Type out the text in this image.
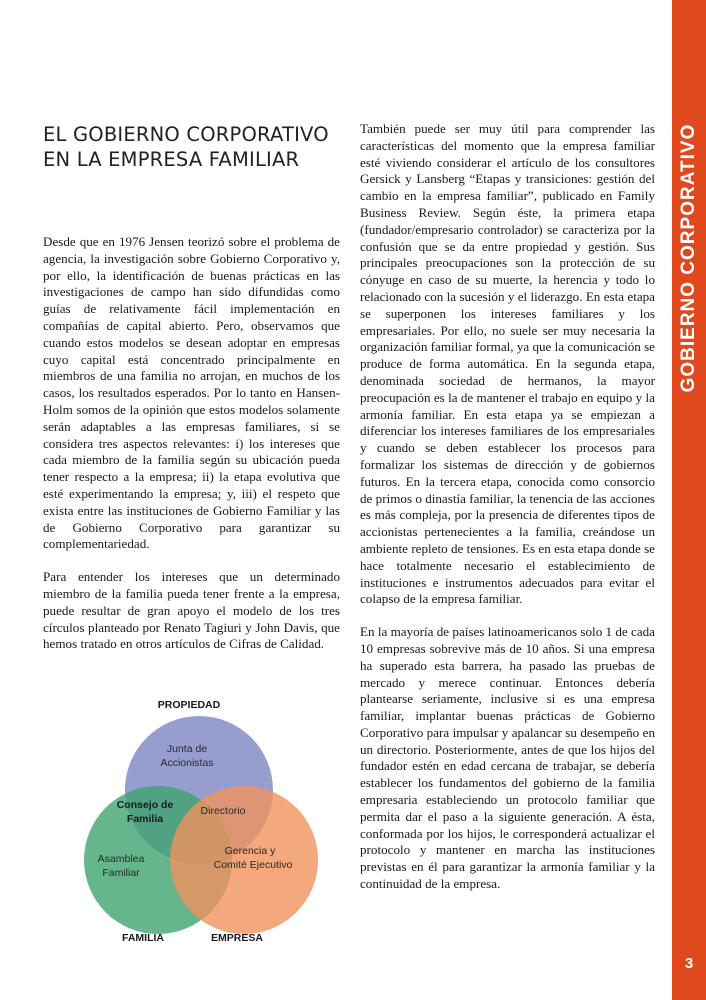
GOBIERNO CORPORATIVO
3
EL GOBIERNO CORPORATIVO
EN LA EMPRESA FAMILIAR

Desde que en 1976 Jensen teorizó sobre el problema de agencia, la investigación sobre Gobierno Corporativo y, por ello, la identificación de buenas prácticas en las investigaciones de campo han sido difundidas como guías de relativamente fácil implementación en compañías de capital abierto. Pero, observamos que cuando estos modelos se desean adoptar en empresas cuyo capital está concentrado principalmente en miembros de una familia no arrojan, en muchos de los casos, los resultados esperados. Por lo tanto en Hansen-Holm somos de la opinión que estos modelos solamente serán adaptables a las empresas familiares, si se considera tres aspectos relevantes: i) los intereses que cada miembro de la familia según su ubicación pueda tener respecto a la empresa; ii) la etapa evolutiva que esté experimentando la empresa; y, iii) el respeto que exista entre las instituciones de Gobierno Familiar y las de Gobierno Corporativo para garantizar su complementariedad.

Para entender los intereses que un determinado miembro de la familia pueda tener frente a la empresa, puede resultar de gran apoyo el modelo de los tres círculos planteado por Renato Tagiuri y John Davis, que hemos tratado en otros artículos de Cifras de Calidad.

También puede ser muy útil para comprender las características del momento que la empresa familiar esté viviendo considerar el artículo de los consultores Gersick y Lansberg “Etapas y transiciones: gestión del cambio en la empresa familiar”, publicado en Family Business Review. Según éste, la primera etapa (fundador/empresario controlador) se caracteriza por la confusión que se da entre propiedad y gestión. Sus principales preocupaciones son la protección de su cónyuge en caso de su muerte, la herencia y todo lo relacionado con la sucesión y el liderazgo. En esta etapa se superponen los intereses familiares y los empresariales. Por ello, no suele ser muy necesaria la organización familiar formal, ya que la comunicación se produce de forma automática. En la segunda etapa, denominada sociedad de hermanos, la mayor preocupación es la de mantener el trabajo en equipo y la armonía familiar. En esta etapa ya se empiezan a diferenciar los intereses familiares de los empresariales y cuando se deben establecer los procesos para formalizar los sistemas de dirección y de gobiernos futuros. En la tercera etapa, conocida como consorcio de primos o dinastía familiar, la tenencia de las acciones es más compleja, por la presencia de diferentes tipos de accionistas pertenecientes a la familia, creándose un ambiente repleto de tensiones. Es en esta etapa donde se hace totalmente necesario el establecimiento de instituciones e instrumentos adecuados para evitar el colapso de la empresa familiar.

En la mayoría de países latinoamericanos solo 1 de cada 10 empresas sobrevive más de 10 años. Si una empresa ha superado esta barrera, ha pasado las pruebas de mercado y merece continuar. Entonces debería plantearse seriamente, inclusive si es una empresa familiar, implantar buenas prácticas de Gobierno Corporativo para impulsar y apalancar su desempeño en un directorio. Posteriormente, antes de que los hijos del fundador estén en edad cercana de trabajar, se debería establecer los fundamentos del gobierno de la familia empresaria estableciendo un protocolo familiar que permita dar el paso a la siguiente generación. A ésta, conformada por los hijos, le corresponderá actualizar el protocolo y mantener en marcha las instituciones previstas en él para garantizar la armonía familiar y la continuidad de la empresa.

PROPIEDAD
FAMILIA	EMPRESA
Junta de
Accionistas
Consejo de
Familia
Directorio
Asamblea
Familiar
Gerencia y
Comité Ejecutivo
